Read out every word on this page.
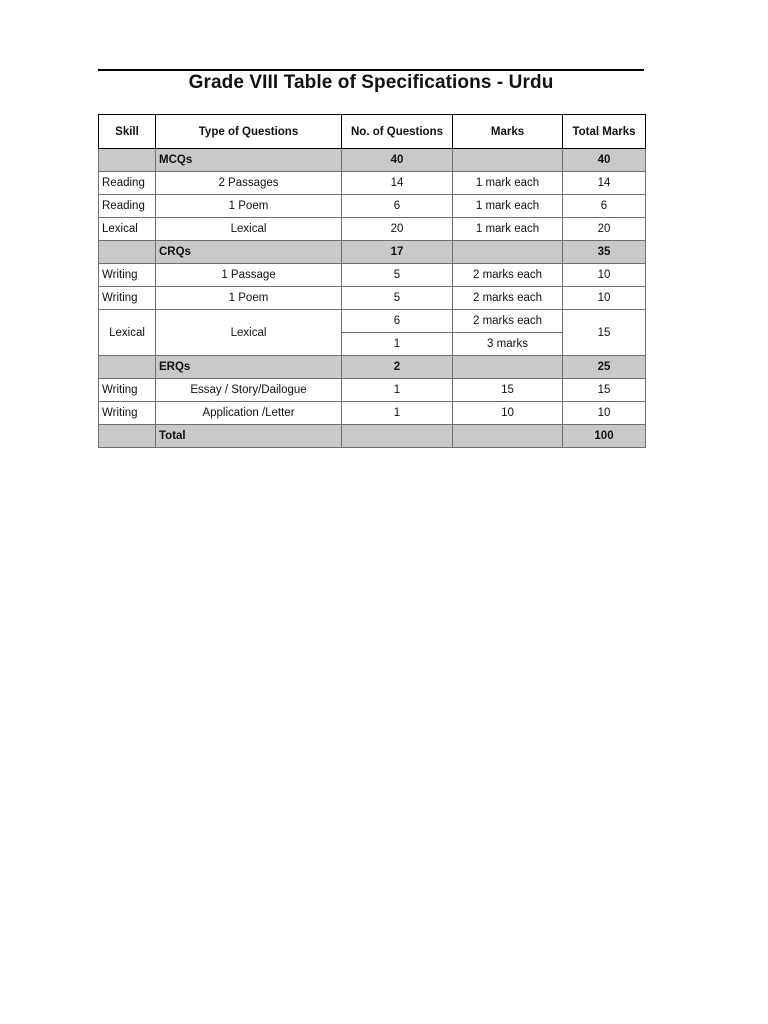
Grade VIII Table of Specifications - Urdu
Skill	Type of Questions	No. of Questions	Marks	Total Marks
	MCQs	40		40
Reading	2 Passages	14	1 mark each	14
Reading	1 Poem	6	1 mark each	6
Lexical	Lexical	20	1 mark each	20
	CRQs	17		35
Writing	1 Passage	5	2 marks each	10
Writing	1 Poem	5	2 marks each	10
Lexical	Lexical	6	2 marks each	15
		1	3 marks	
	ERQs	2		25
Writing	Essay / Story/Dailogue	1	15	15
Writing	Application /Letter	1	10	10
	Total			100
